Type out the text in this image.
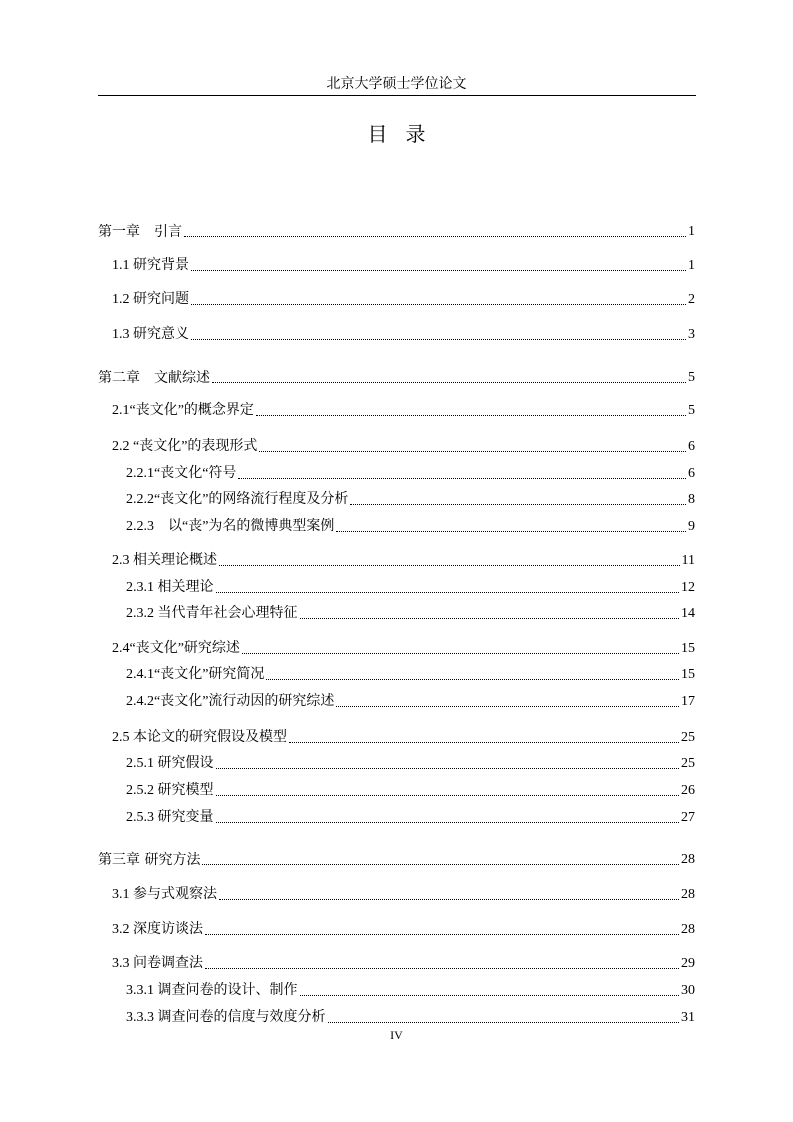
北京大学硕士学位论文
目录
第一章　引言	1
1.1 研究背景	1
1.2 研究问题	2
1.3 研究意义	3
第二章　文献综述	5
2.1“丧文化”的概念界定	5
2.2 “丧文化”的表现形式	6
2.2.1“丧文化“符号	6
2.2.2“丧文化”的网络流行程度及分析	8
2.2.3　以“丧”为名的微博典型案例	9
2.3 相关理论概述	11
2.3.1 相关理论	12
2.3.2 当代青年社会心理特征	14
2.4“丧文化”研究综述	15
2.4.1“丧文化”研究简况	15
2.4.2“丧文化”流行动因的研究综述	17
2.5 本论文的研究假设及模型	25
2.5.1 研究假设	25
2.5.2 研究模型	26
2.5.3 研究变量	27
第三章 研究方法	28
3.1 参与式观察法	28
3.2 深度访谈法	28
3.3 问卷调查法	29
3.3.1 调查问卷的设计、制作	30
3.3.3 调查问卷的信度与效度分析	31
IV
